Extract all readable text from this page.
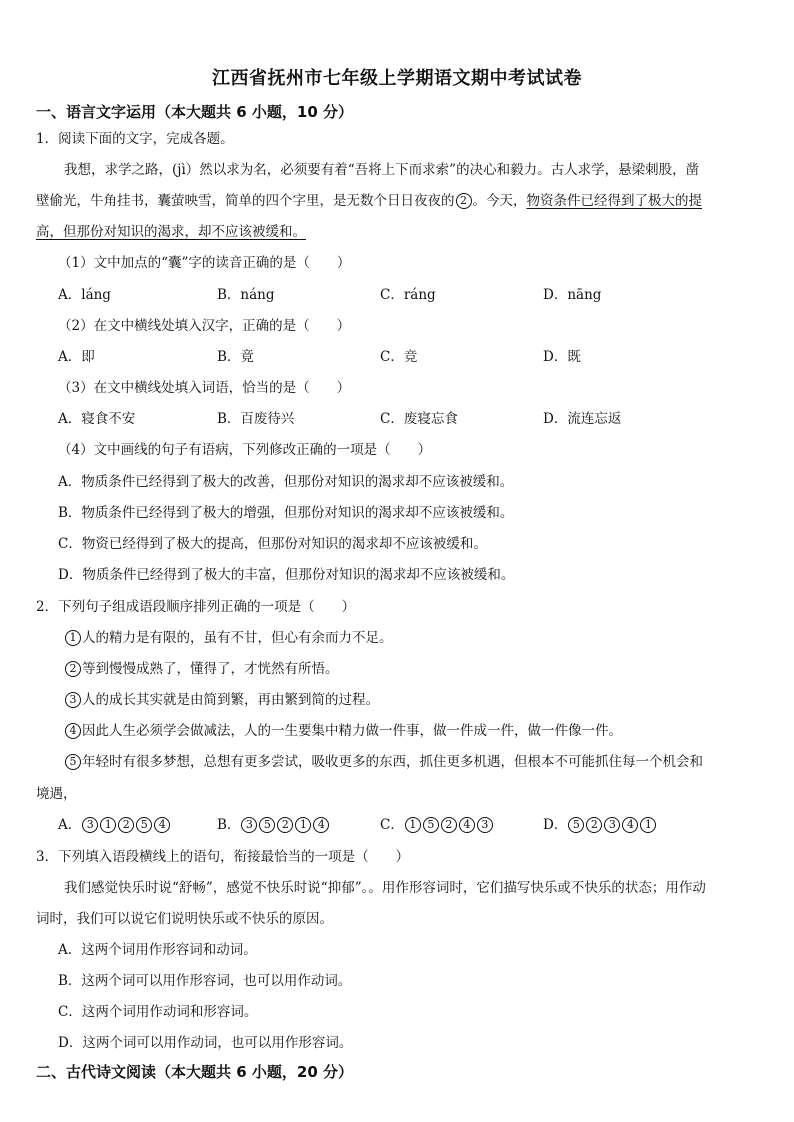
江西省抚州市七年级上学期语文期中考试试卷
一、语言文字运用（本大题共 6 小题，10 分）
1．阅读下面的文字，完成各题。
我想，求学之路，(jì）然以求为名，必须要有着“吾将上下而求索”的决心和毅力。古人求学，悬梁刺股，凿
壁偷光，牛角挂书，囊萤映雪，简单的四个字里，是无数个日日夜夜的 2 。今天，物资条件已经得到了极大的提
高，但那份对知识的渴求，却不应该被缓和。
（1）文中加点的“囊”字的读音正确的是（　　）
A．láng	B．náng	C．ráng	D．nāng
（2）在文中横线处填入汉字，正确的是（　　）
A．即	B．竟	C．竞	D．既
（3）在文中横线处填入词语，恰当的是（　　）
A．寝食不安	B．百废待兴	C．废寝忘食	D．流连忘返
（4）文中画线的句子有语病，下列修改正确的一项是（　　）
A．物质条件已经得到了极大的改善，但那份对知识的渴求却不应该被缓和。
B．物质条件已经得到了极大的增强，但那份对知识的渴求却不应该被缓和。
C．物资已经得到了极大的提高，但那份对知识的渴求却不应该被缓和。
D．物质条件已经得到了极大的丰富，但那份对知识的渴求却不应该被缓和。
2．下列句子组成语段顺序排列正确的一项是（　　）
1 人的精力是有限的，虽有不甘，但心有余而力不足。
2 等到慢慢成熟了，懂得了，才恍然有所悟。
3 人的成长其实就是由简到繁，再由繁到简的过程。
4 因此人生必须学会做减法，人的一生要集中精力做一件事，做一件成一件，做一件像一件。
5 年轻时有很多梦想，总想有更多尝试，吸收更多的东西，抓住更多机遇，但根本不可能抓住每一个机会和
境遇，
A． 3 1 2 5 4	B． 3 5 2 1 4	C． 1 5 2 4 3	D． 5 2 3 4 1
3．下列填入语段横线上的语句，衔接最恰当的一项是（　　）
我们感觉快乐时说“舒畅”，感觉不快乐时说“抑郁”。。用作形容词时，它们描写快乐或不快乐的状态；用作动
词时，我们可以说它们说明快乐或不快乐的原因。
A．这两个词用作形容词和动词。
B．这两个词可以用作形容词，也可以用作动词。
C．这两个词用作动词和形容词。
D．这两个词可以用作动词，也可以用作形容词。
二、古代诗文阅读（本大题共 6 小题，20 分）
